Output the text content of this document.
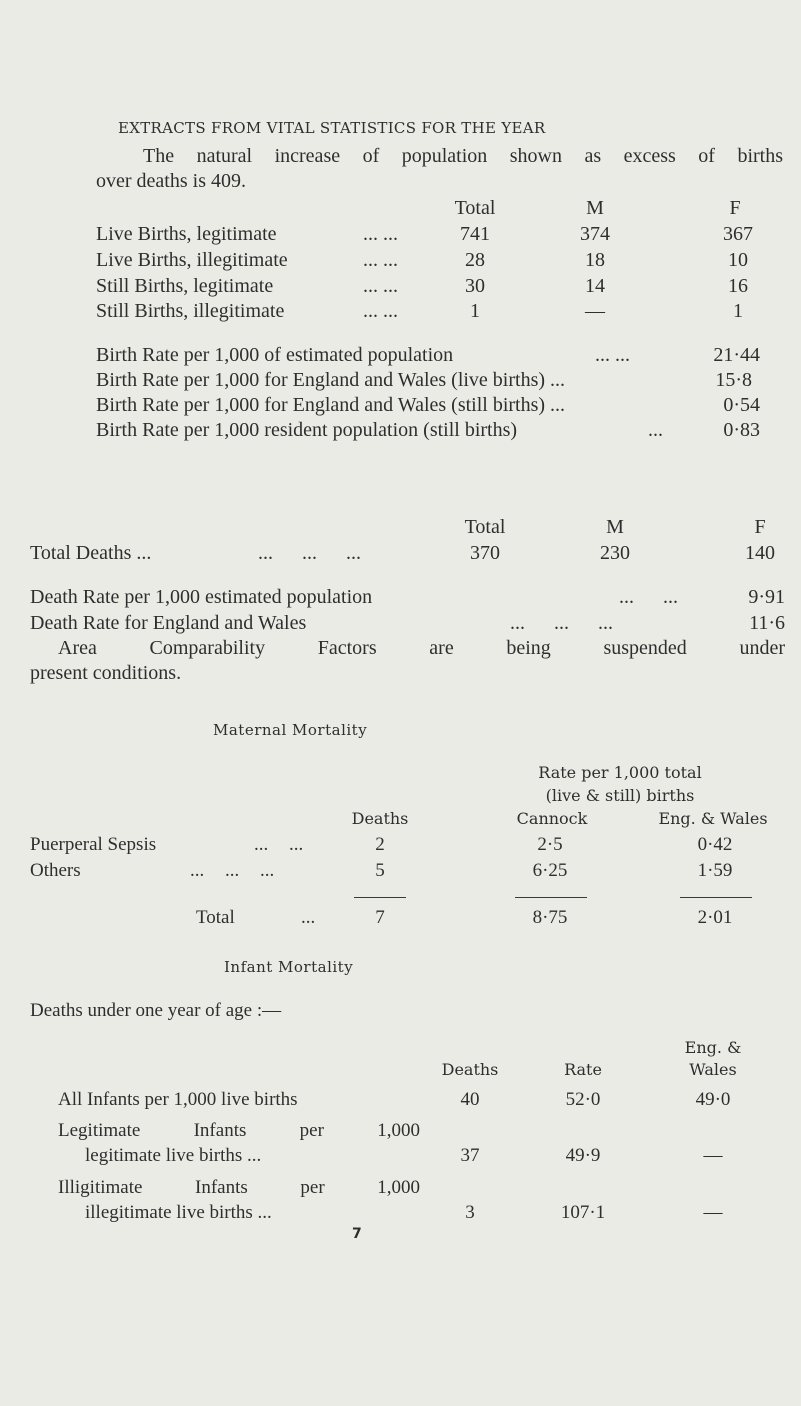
EXTRACTS FROM VITAL STATISTICS FOR THE YEAR
The natural increase of population shown as excess of births
over deaths is 409.
Total	M	F
Live Births, legitimate	... ...	741	374	367
Live Births, illegitimate	... ...	28	18	10
Still Births, legitimate	... ...	30	14	16
Still Births, illegitimate	... ...	1	—	1
Birth Rate per 1,000 of estimated population	... ...	21·44
Birth Rate per 1,000 for England and Wales (live births) ...	15·8
Birth Rate per 1,000 for England and Wales (still births) ...	0·54
Birth Rate per 1,000 resident population (still births)	...	0·83
Total	M	F
Total Deaths ...	... ... ...	370	230	140
Death Rate per 1,000 estimated population	... ...	9·91
Death Rate for England and Wales	... ... ...	11·6
Area Comparability Factors are being suspended under
present conditions.
Maternal Mortality
Rate per 1,000 total
(live & still) births
Deaths	Cannock	Eng. & Wales
Puerperal Sepsis	... ...	2	2·5	0·42
Others	... ... ...	5	6·25	1·59
Total	...	7	8·75	2·01
Infant Mortality
Deaths under one year of age :—
Eng. &
Wales
Deaths	Rate
All Infants per 1,000 live births	40	52·0	49·0
Legitimate Infants per 1,000
legitimate live births ...	37	49·9	—
Illigitimate Infants per 1,000
illegitimate live births ...	3	107·1	—
7
